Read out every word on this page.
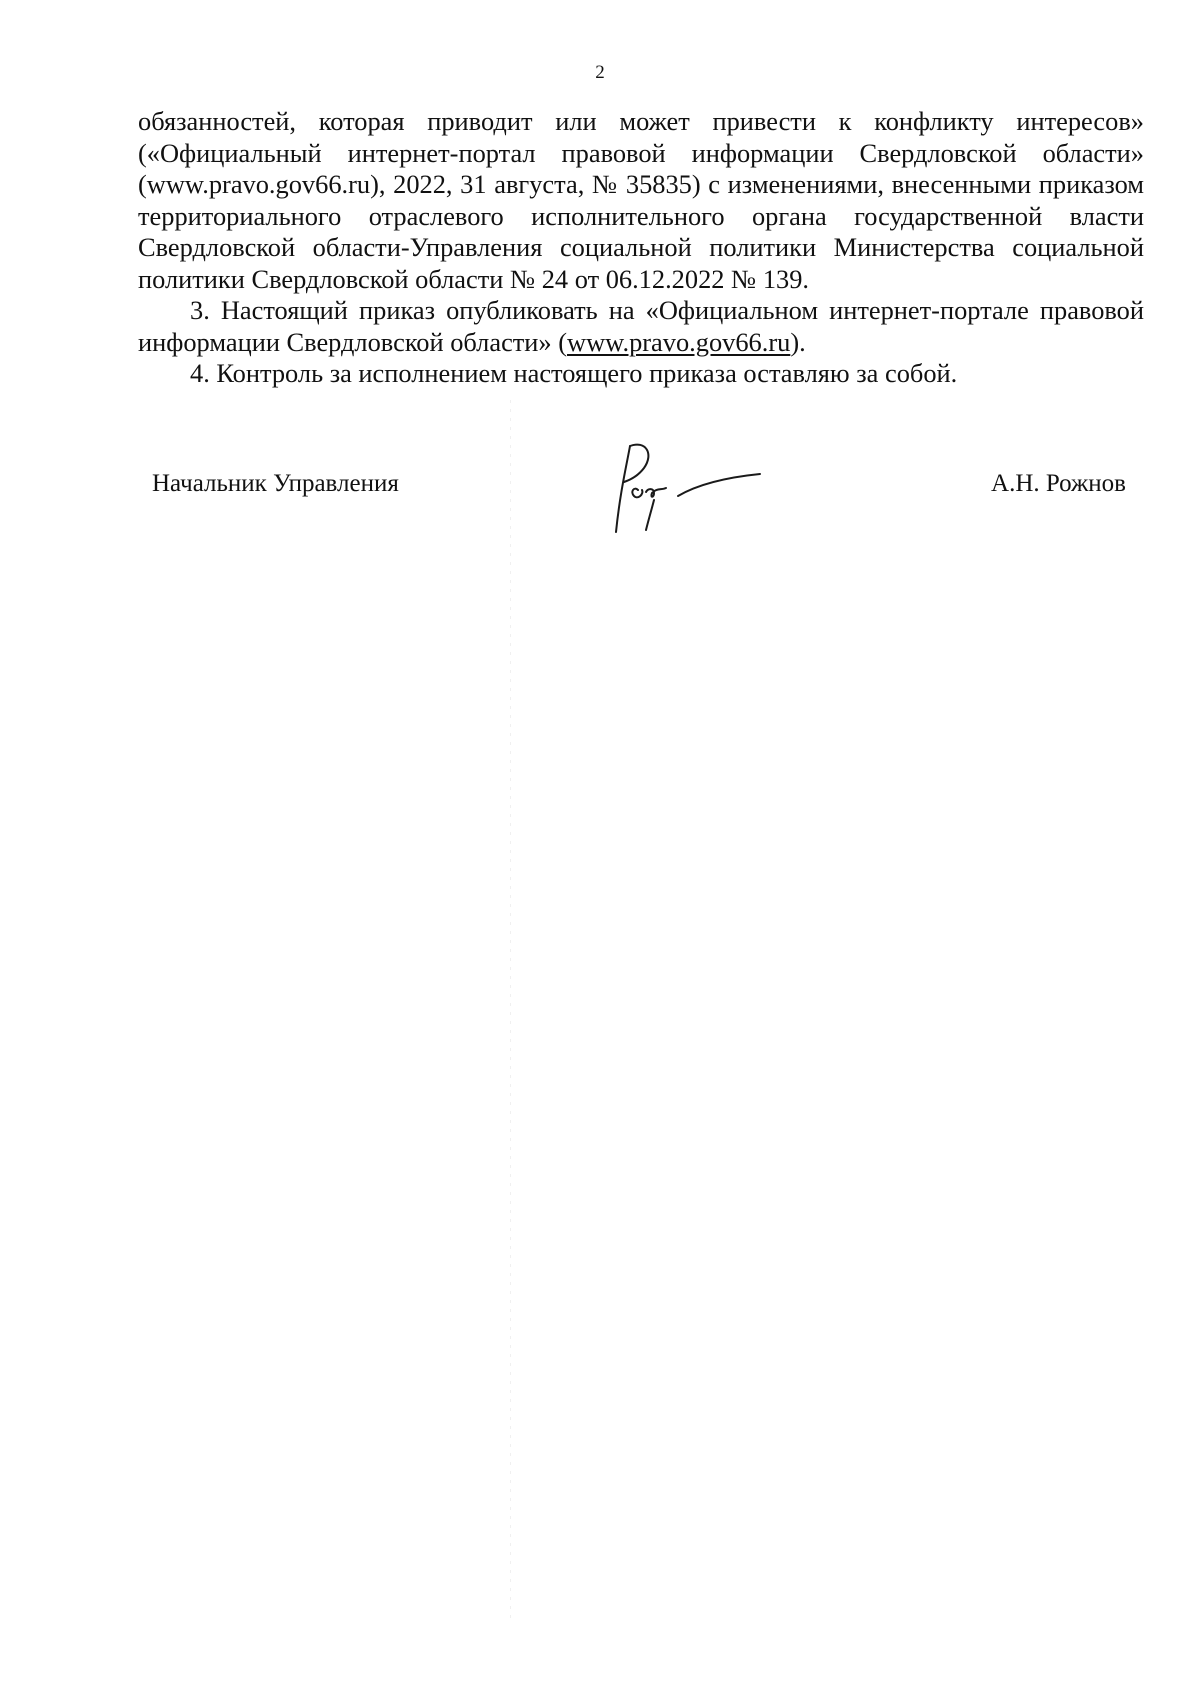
2

обязанностей, которая приводит или может привести к конфликту интересов» («Официальный интернет-портал правовой информации Свердловской области» (www.pravo.gov66.ru), 2022, 31 августа, № 35835) с изменениями, внесенными приказом территориального отраслевого исполнительного органа государственной власти Свердловской области-Управления социальной политики Министерства социальной политики Свердловской области № 24 от 06.12.2022 № 139.

3. Настоящий приказ опубликовать на «Официальном интернет-портале правовой информации Свердловской области» (www.pravo.gov66.ru).

4. Контроль за исполнением настоящего приказа оставляю за собой.

Начальник Управления	А.Н. Рожнов
